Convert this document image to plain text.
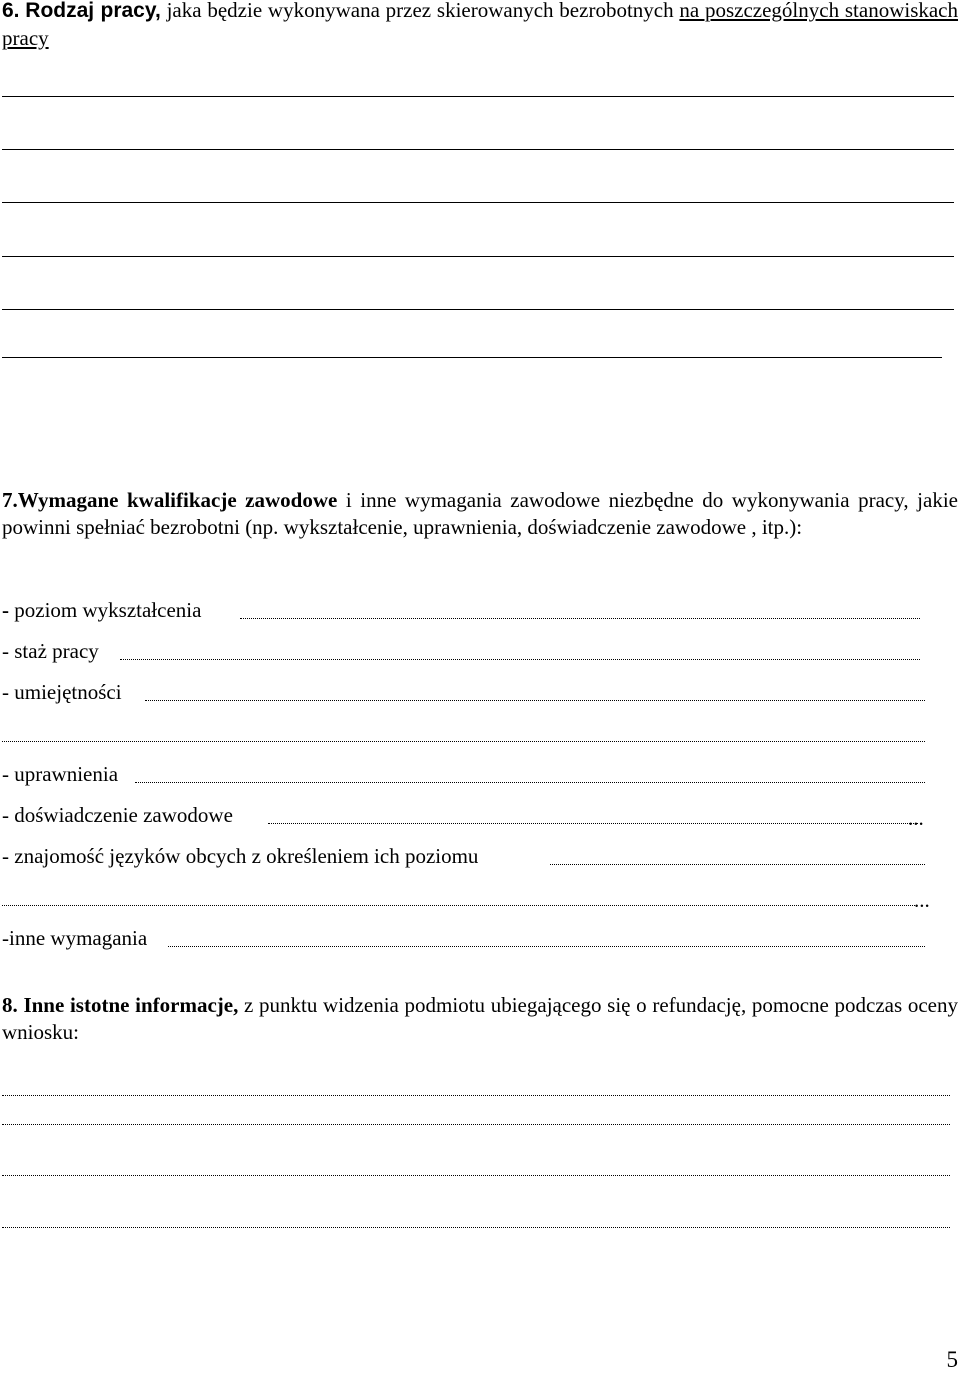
6. Rodzaj pracy, jaka będzie wykonywana przez skierowanych bezrobotnych na poszczególnych stanowiskach pracy
7.Wymagane kwalifikacje zawodowe i inne wymagania zawodowe niezbędne do wykonywania pracy, jakie powinni spełniać bezrobotni (np. wykształcenie, uprawnienia, doświadczenie zawodowe , itp.):
- poziom wykształcenia
- staż pracy
- umiejętności
- uprawnienia
- doświadczenie zawodowe	...
- znajomość języków obcych z określeniem ich poziomu
...
-inne wymagania
8. Inne istotne informacje, z punktu widzenia podmiotu ubiegającego się o refundację, pomocne podczas oceny wniosku:
5
